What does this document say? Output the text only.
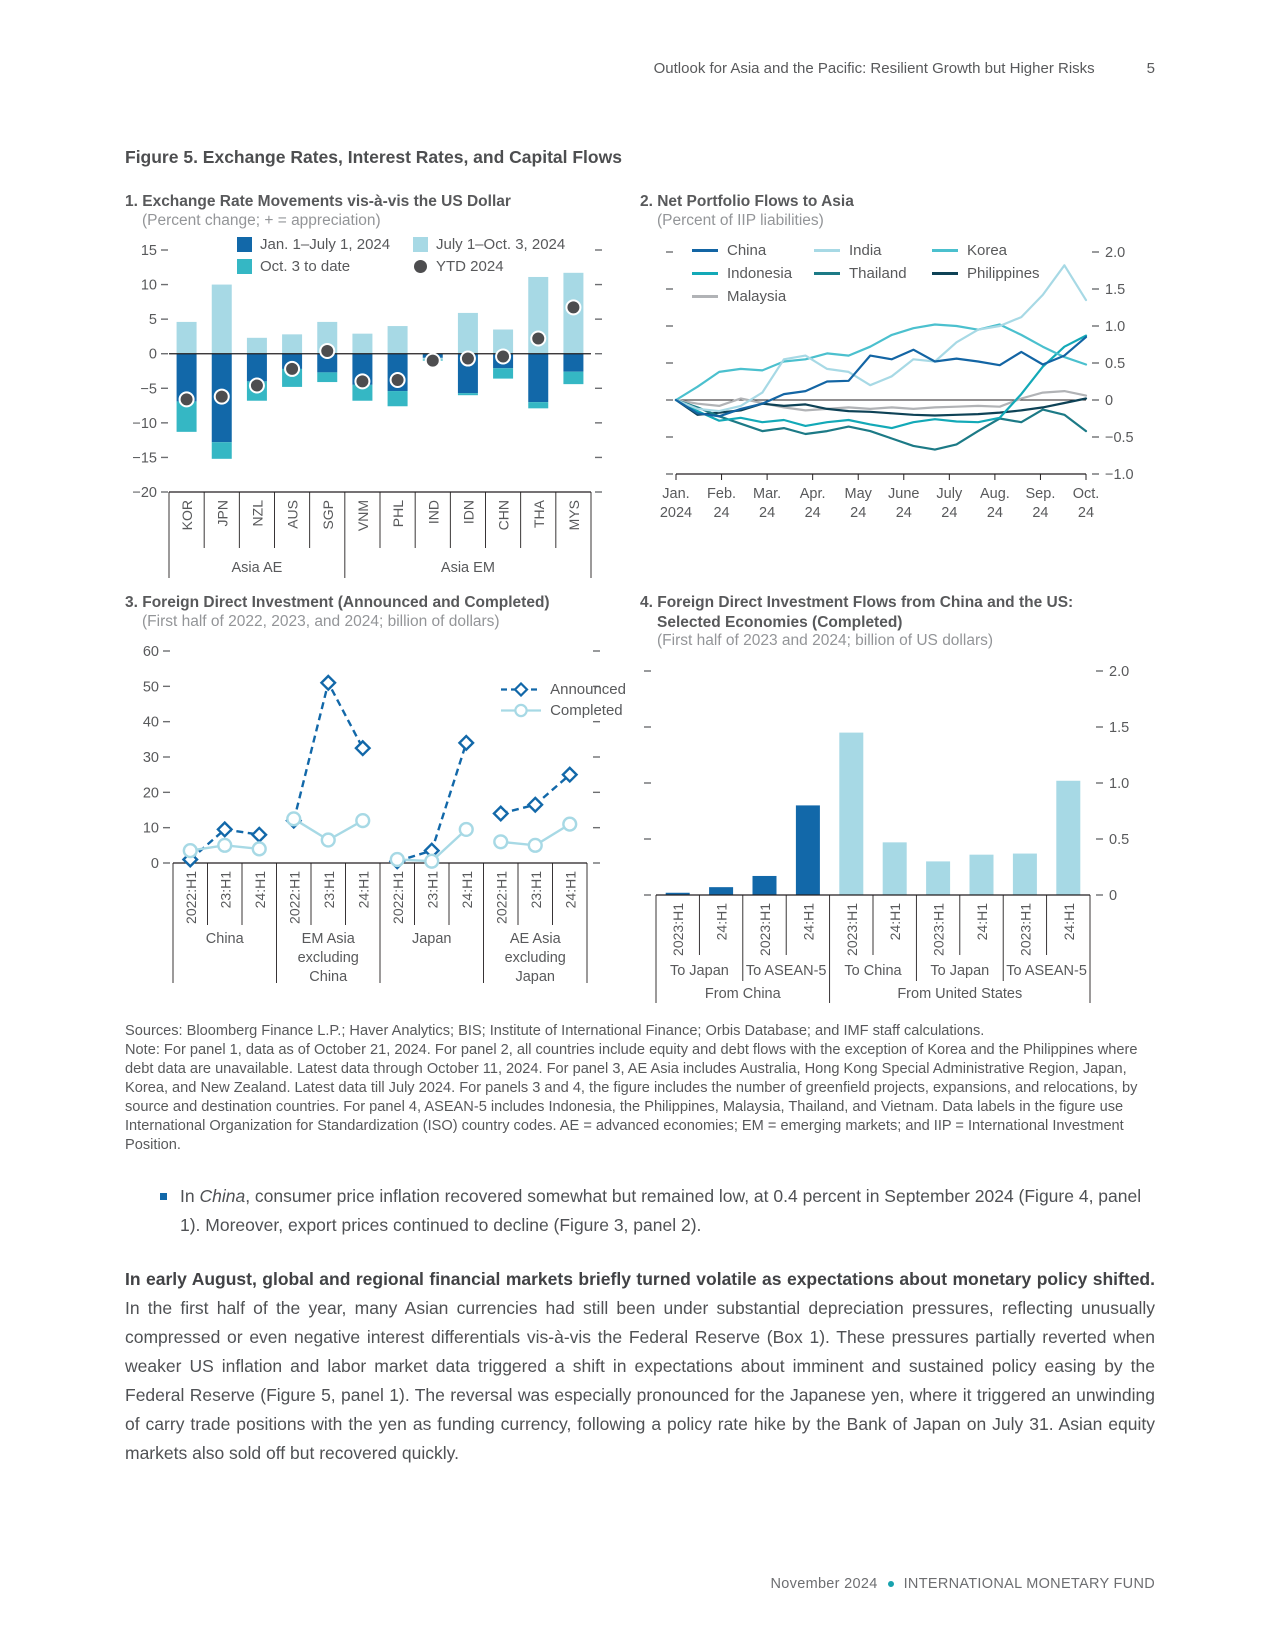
Outlook for Asia and the Pacific: Resilient Growth but Higher Risks	5
Figure 5. Exchange Rates, Interest Rates, and Capital Flows
1. Exchange Rate Movements vis-à-vis the US Dollar

(Percent change; + = appreciation)

15
10
5
0
−5
−10
−15
−20
KOR JPN NZL AUS SGP VNM PHL IND IDN CHN THA MYS
Asia AE	Asia EM
Jan. 1–July 1, 2024	July 1–Oct. 3, 2024
Oct. 3 to date	YTD 2024
2. Net Portfolio Flows to Asia

(Percent of IIP liabilities)

2.0
1.5
1.0
0.5
0
−0.5
−1.0
Jan.
2024
Feb.
24
Mar.
24
Apr.
24
May
24
June
24
July
24
Aug.
24
Sep.
24
Oct.
24
China	India	Korea
Indonesia	Thailand	Philippines
Malaysia
3. Foreign Direct Investment (Announced and Completed)

(First half of 2022, 2023, and 2024; billion of dollars)

60
50
40
30
20
10
0
2022:H1 23:H1 24:H1 2022:H1 23:H1 24:H1 2022:H1 23:H1 24:H1 2022:H1 23:H1 24:H1
China	EM Asia
excluding
China
Japan	AE Asia
excluding
Japan
Announced
Completed
4. Foreign Direct Investment Flows from China and the US:
Selected Economies (Completed)

(First half of 2023 and 2024; billion of US dollars)

2.0
1.5
1.0
0.5
0
2023:H1 24:H1 2023:H1 24:H1 2023:H1 24:H1 2023:H1 24:H1 2023:H1 24:H1
To Japan To ASEAN-5 To China To Japan To ASEAN-5
From China	From United States

Sources: Bloomberg Finance L.P.; Haver Analytics; BIS; Institute of International Finance; Orbis Database; and IMF staff calculations.
Note: For panel 1, data as of October 21, 2024. For panel 2, all countries include equity and debt flows with the exception of Korea and the Philippines where debt data are unavailable. Latest data through October 11, 2024. For panel 3, AE Asia includes Australia, Hong Kong Special Administrative Region, Japan, Korea, and New Zealand. Latest data till July 2024. For panels 3 and 4, the figure includes the number of greenfield projects, expansions, and relocations, by source and destination countries. For panel 4, ASEAN-5 includes Indonesia, the Philippines, Malaysia, Thailand, and Vietnam. Data labels in the figure use International Organization for Standardization (ISO) country codes. AE = advanced economies; EM = emerging markets; and IIP = International Investment Position.

In China, consumer price inflation recovered somewhat but remained low, at 0.4 percent in September 2024 (Figure 4, panel 1). Moreover, export prices continued to decline (Figure 3, panel 2).

In early August, global and regional financial markets briefly turned volatile as expectations about monetary policy shifted. In the first half of the year, many Asian currencies had still been under substantial depreciation pressures, reflecting unusually compressed or even negative interest differentials vis-à-vis the Federal Reserve (Box 1). These pressures partially reverted when weaker US inflation and labor market data triggered a shift in expectations about imminent and sustained policy easing by the Federal Reserve (Figure 5, panel 1). The reversal was especially pronounced for the Japanese yen, where it triggered an unwinding of carry trade positions with the yen as funding currency, following a policy rate hike by the Bank of Japan on July 31. Asian equity markets also sold off but recovered quickly.

November 2024 INTERNATIONAL MONETARY FUND
